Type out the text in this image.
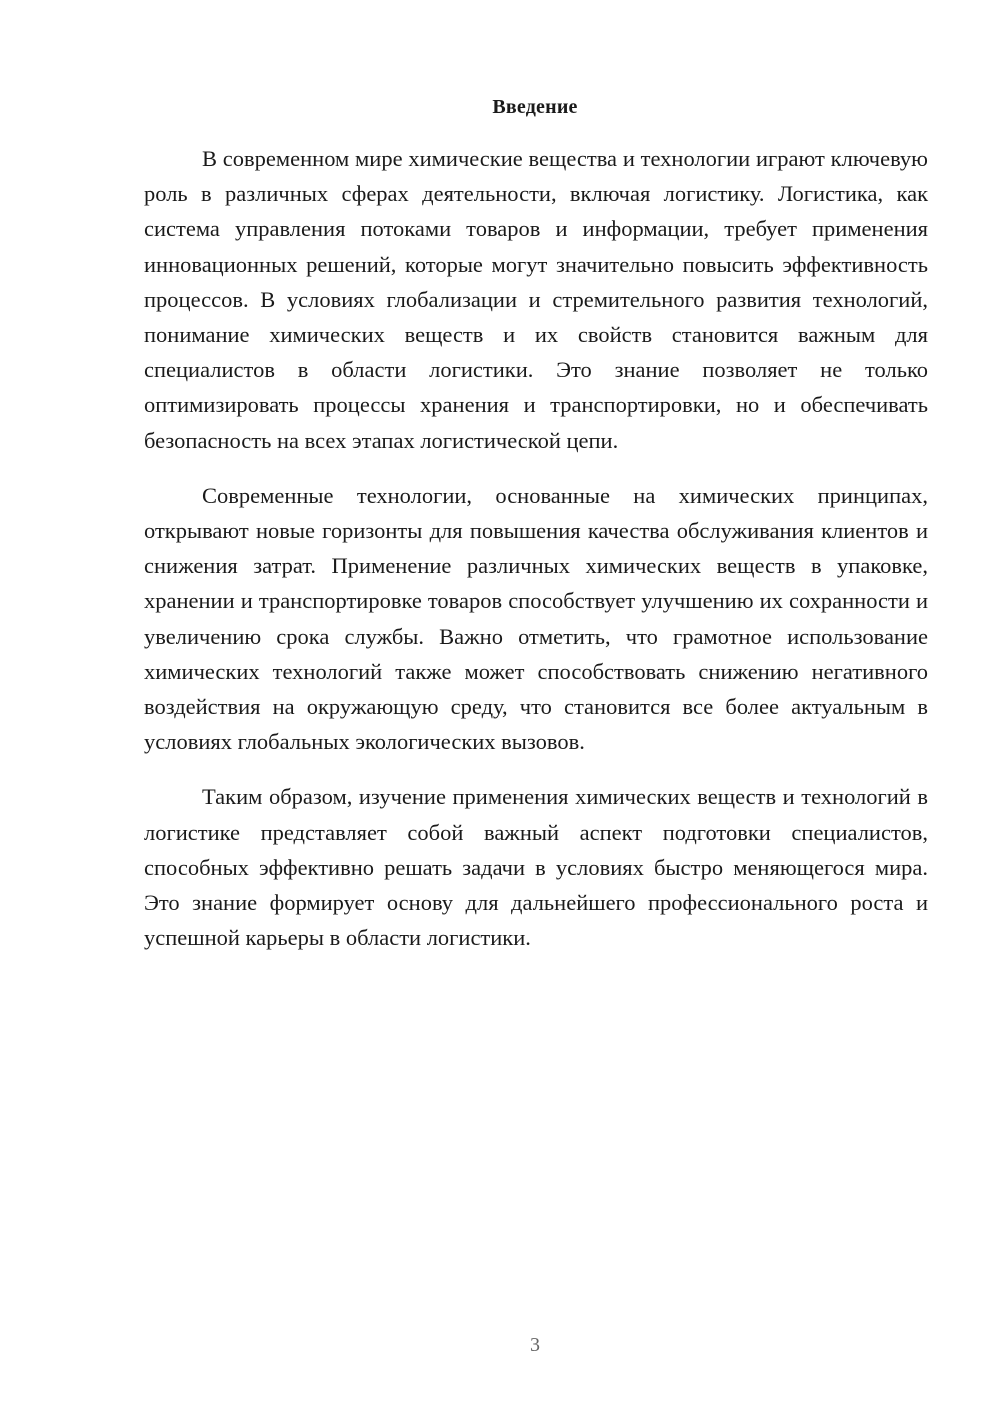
Введение

В современном мире химические вещества и технологии играют ключевую роль в различных сферах деятельности, включая логистику. Логистика, как система управления потоками товаров и информации, требует применения инновационных решений, которые могут значительно повысить эффективность процессов. В условиях глобализации и стремительного развития технологий, понимание химических веществ и их свойств становится важным для специалистов в области логистики. Это знание позволяет не только оптимизировать процессы хранения и транспортировки, но и обеспечивать безопасность на всех этапах логистической цепи.

Современные технологии, основанные на химических принципах, открывают новые горизонты для повышения качества обслуживания клиентов и снижения затрат. Применение различных химических веществ в упаковке, хранении и транспортировке товаров способствует улучшению их сохранности и увеличению срока службы. Важно отметить, что грамотное использование химических технологий также может способствовать снижению негативного воздействия на окружающую среду, что становится все более актуальным в условиях глобальных экологических вызовов.

Таким образом, изучение применения химических веществ и технологий в логистике представляет собой важный аспект подготовки специалистов, способных эффективно решать задачи в условиях быстро меняющегося мира. Это знание формирует основу для дальнейшего профессионального роста и успешной карьеры в области логистики.

3
